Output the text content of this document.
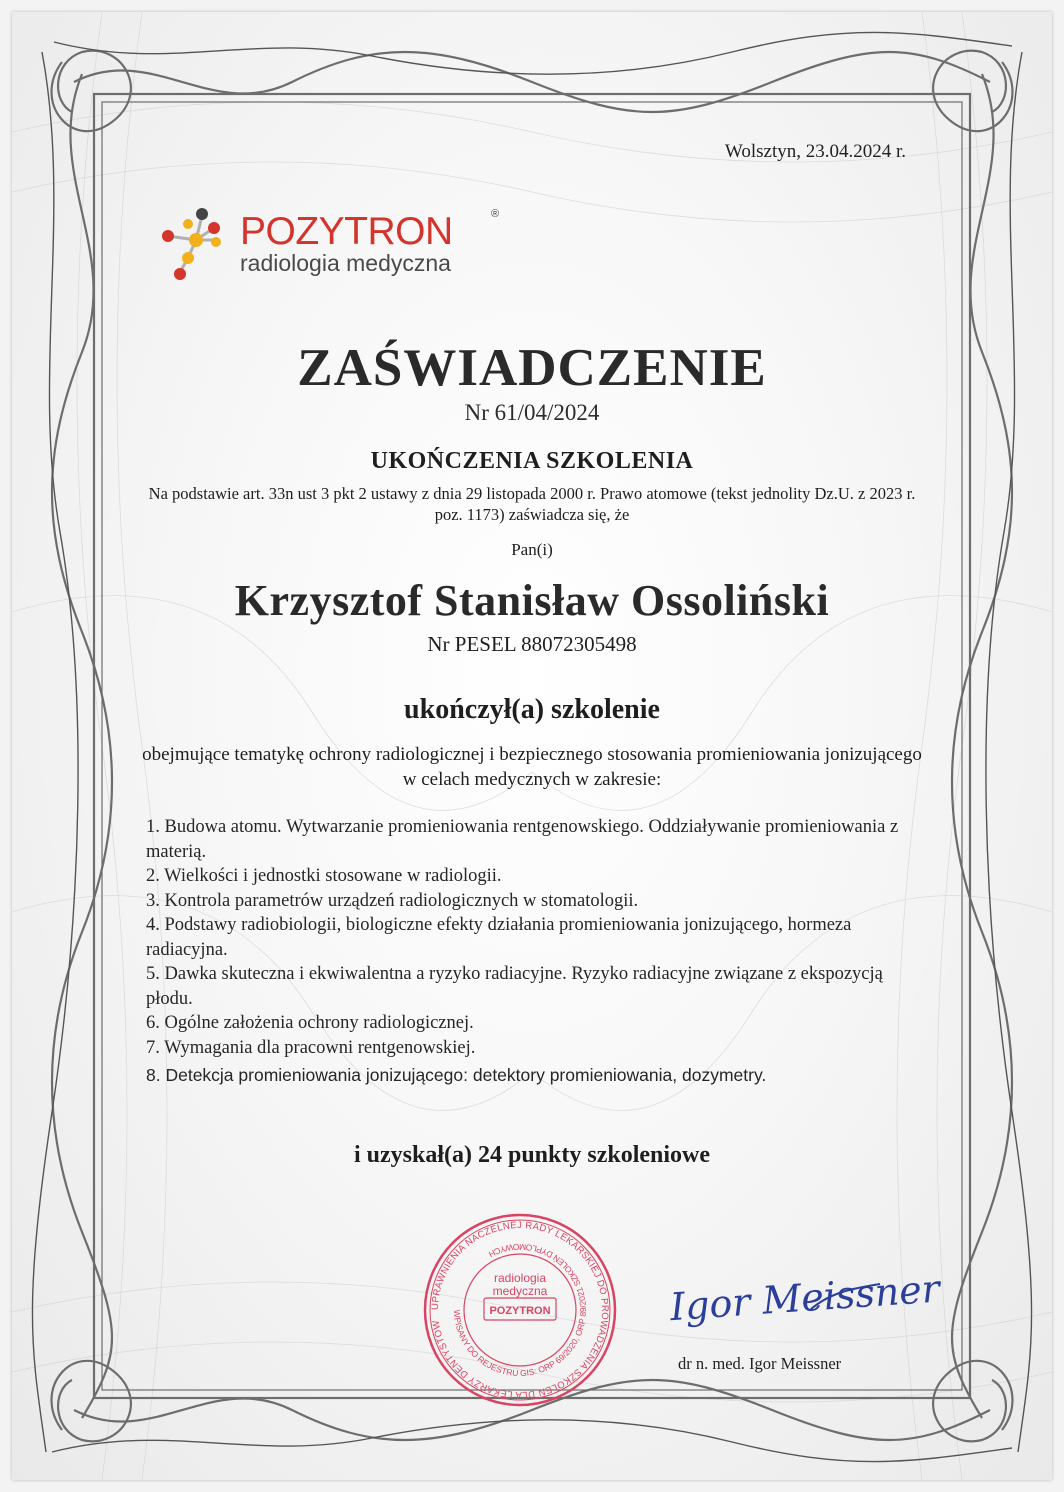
Wolsztyn, 23.04.2024 r.
POZYTRON	®
radiologia medyczna
ZAŚWIADCZENIE
Nr 61/04/2024
UKOŃCZENIA SZKOLENIA
Na podstawie art. 33n ust 3 pkt 2 ustawy z dnia 29 listopada 2000 r. Prawo atomowe (tekst jednolity Dz.U. z 2023 r. poz. 1173) zaświadcza się, że
Pan(i)
Krzysztof Stanisław Ossoliński
Nr PESEL 88072305498
ukończył(a) szkolenie
obejmujące tematykę ochrony radiologicznej i bezpiecznego stosowania promieniowania jonizującego w celach medycznych w zakresie:
1. Budowa atomu. Wytwarzanie promieniowania rentgenowskiego. Oddziaływanie promieniowania z materią.
2. Wielkości i jednostki stosowane w radiologii.
3. Kontrola parametrów urządzeń radiologicznych w stomatologii.
4. Podstawy radiobiologii, biologiczne efekty działania promieniowania jonizującego, hormeza radiacyjna.
5. Dawka skuteczna i ekwiwalentna a ryzyko radiacyjne. Ryzyko radiacyjne związane z ekspozycją płodu.
6. Ogólne założenia ochrony radiologicznej.
7. Wymagania dla pracowni rentgenowskiej.
8. Detekcja promieniowania jonizującego: detektory promieniowania, dozymetry.
i uzyskał(a) 24 punkty szkoleniowe
UPRAWNIENIA NACZELNEJ RADY LEKARSKIEJ DO PROWADZENIA SZKOLEŃ DLA LEKARZY DENTYSTÓW
WPISANY DO REJESTRU GIS: ORP 69/2020, ORP 89/2021 SZKOLEŃ DYPLOMOWYCH
radiologia
medyczna
POZYTRON	Igor Meissner
dr n. med. Igor Meissner
